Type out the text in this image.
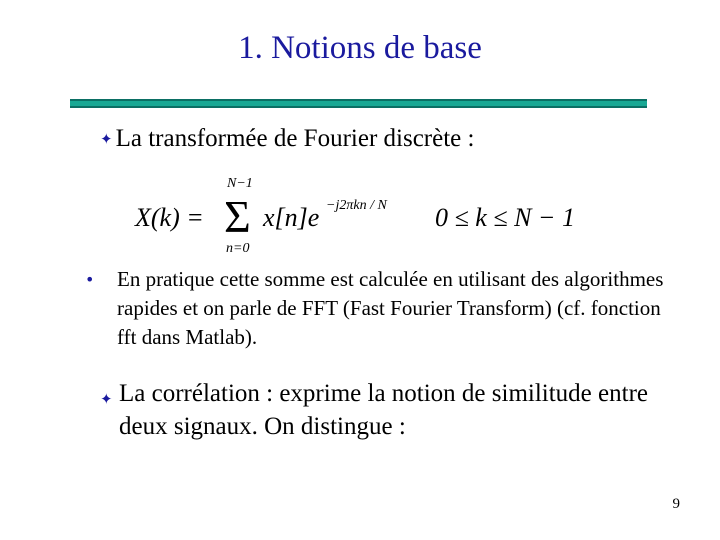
1. Notions de base
✦ La transformée de Fourier discrète :
X(k) =
N−1
Σ
n=0
x[n]e −j2πkn / N 0 ≤ k ≤ N − 1
• En pratique cette somme est calculée en utilisant des algorithmes rapides et on parle de FFT (Fast Fourier Transform) (cf. fonction fft dans Matlab).
✦ La corrélation : exprime la notion de similitude entre deux signaux. On distingue :
9
